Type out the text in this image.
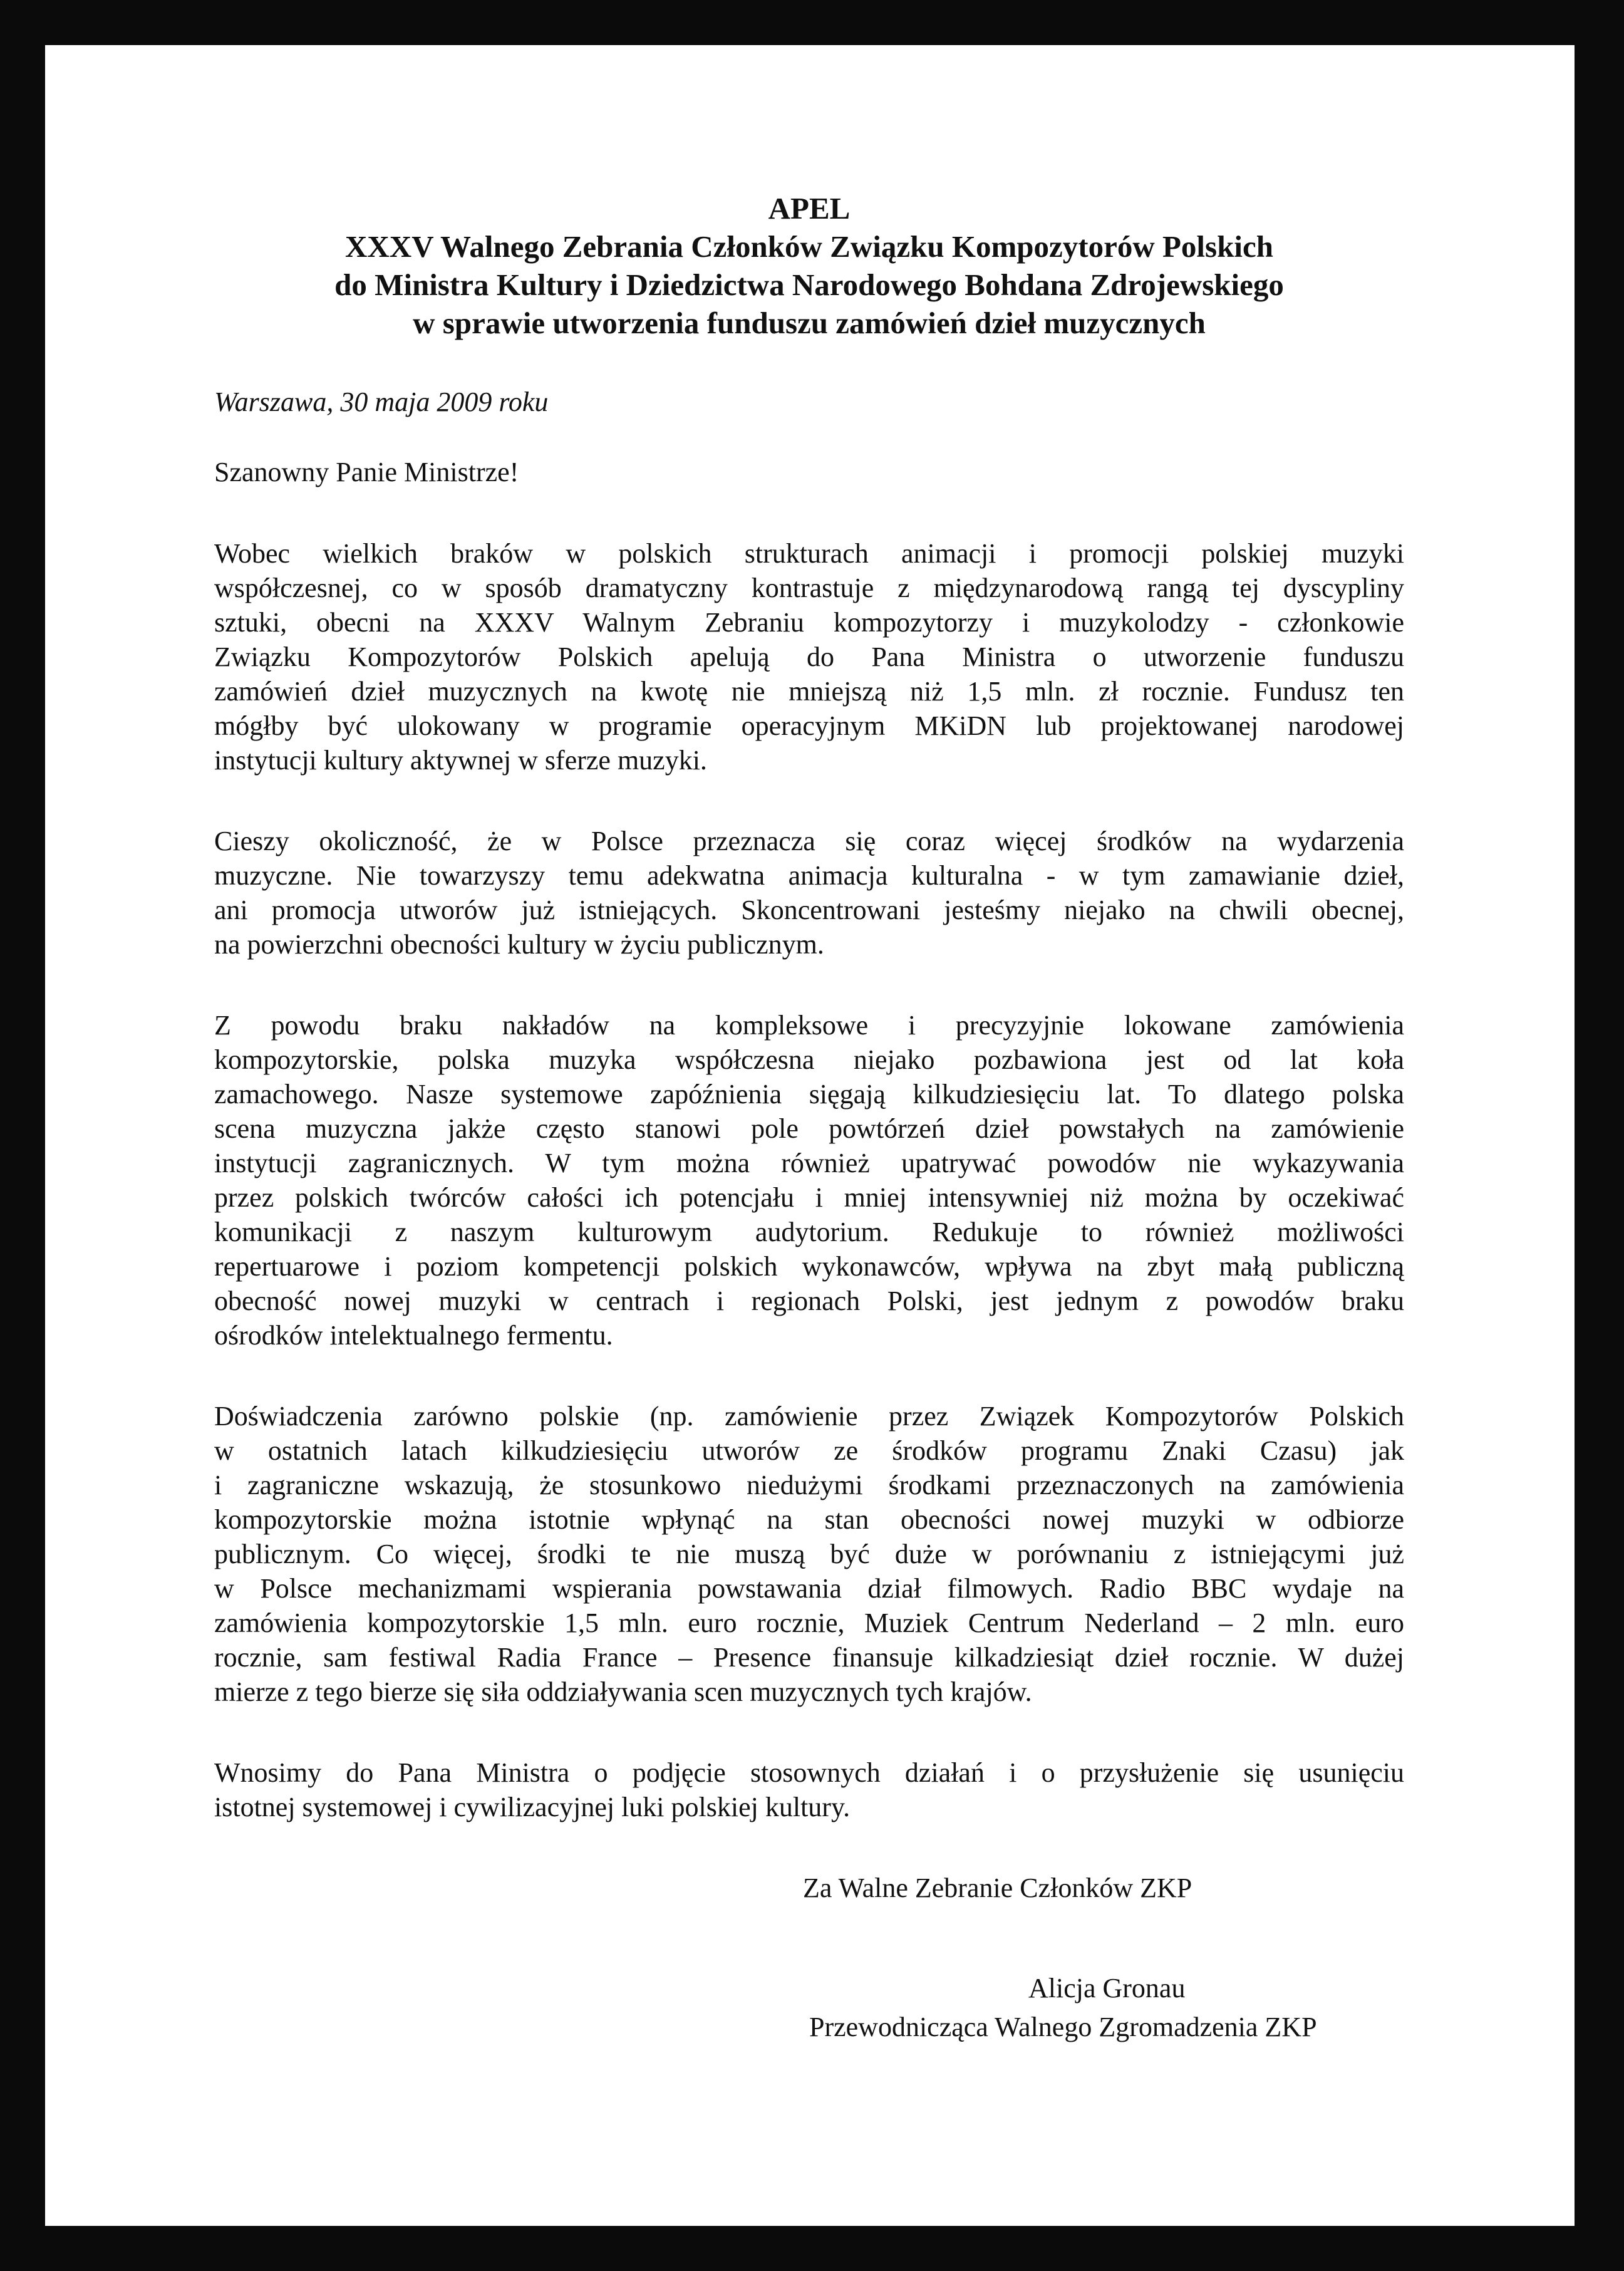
APEL
XXXV Walnego Zebrania Członków Związku Kompozytorów Polskich
do Ministra Kultury i Dziedzictwa Narodowego Bohdana Zdrojewskiego
w sprawie utworzenia funduszu zamówień dzieł muzycznych
Warszawa, 30 maja 2009 roku
Szanowny Panie Ministrze!
Wobec wielkich braków w polskich strukturach animacji i promocji polskiej muzyki
współczesnej, co w sposób dramatyczny kontrastuje z międzynarodową rangą tej dyscypliny
sztuki, obecni na XXXV Walnym Zebraniu kompozytorzy i muzykolodzy - członkowie
Związku Kompozytorów Polskich apelują do Pana Ministra o utworzenie funduszu
zamówień dzieł muzycznych na kwotę nie mniejszą niż 1,5 mln. zł rocznie. Fundusz ten
mógłby być ulokowany w programie operacyjnym MKiDN lub projektowanej narodowej
instytucji kultury aktywnej w sferze muzyki.
Cieszy okoliczność, że w Polsce przeznacza się coraz więcej środków na wydarzenia
muzyczne. Nie towarzyszy temu adekwatna animacja kulturalna - w tym zamawianie dzieł,
ani promocja utworów już istniejących. Skoncentrowani jesteśmy niejako na chwili obecnej,
na powierzchni obecności kultury w życiu publicznym.
Z powodu braku nakładów na kompleksowe i precyzyjnie lokowane zamówienia
kompozytorskie, polska muzyka współczesna niejako pozbawiona jest od lat koła
zamachowego. Nasze systemowe zapóźnienia sięgają kilkudziesięciu lat. To dlatego polska
scena muzyczna jakże często stanowi pole powtórzeń dzieł powstałych na zamówienie
instytucji zagranicznych. W tym można również upatrywać powodów nie wykazywania
przez polskich twórców całości ich potencjału i mniej intensywniej niż można by oczekiwać
komunikacji z naszym kulturowym audytorium. Redukuje to również możliwości
repertuarowe i poziom kompetencji polskich wykonawców, wpływa na zbyt małą publiczną
obecność nowej muzyki w centrach i regionach Polski, jest jednym z powodów braku
ośrodków intelektualnego fermentu.
Doświadczenia zarówno polskie (np. zamówienie przez Związek Kompozytorów Polskich
w ostatnich latach kilkudziesięciu utworów ze środków programu Znaki Czasu) jak
i zagraniczne wskazują, że stosunkowo niedużymi środkami przeznaczonych na zamówienia
kompozytorskie można istotnie wpłynąć na stan obecności nowej muzyki w odbiorze
publicznym. Co więcej, środki te nie muszą być duże w porównaniu z istniejącymi już
w Polsce mechanizmami wspierania powstawania dział filmowych. Radio BBC wydaje na
zamówienia kompozytorskie 1,5 mln. euro rocznie, Muziek Centrum Nederland – 2 mln. euro
rocznie, sam festiwal Radia France – Presence finansuje kilkadziesiąt dzieł rocznie. W dużej
mierze z tego bierze się siła oddziaływania scen muzycznych tych krajów.
Wnosimy do Pana Ministra o podjęcie stosownych działań i o przysłużenie się usunięciu
istotnej systemowej i cywilizacyjnej luki polskiej kultury.
Za Walne Zebranie Członków ZKP
Alicja Gronau
Przewodnicząca Walnego Zgromadzenia ZKP
